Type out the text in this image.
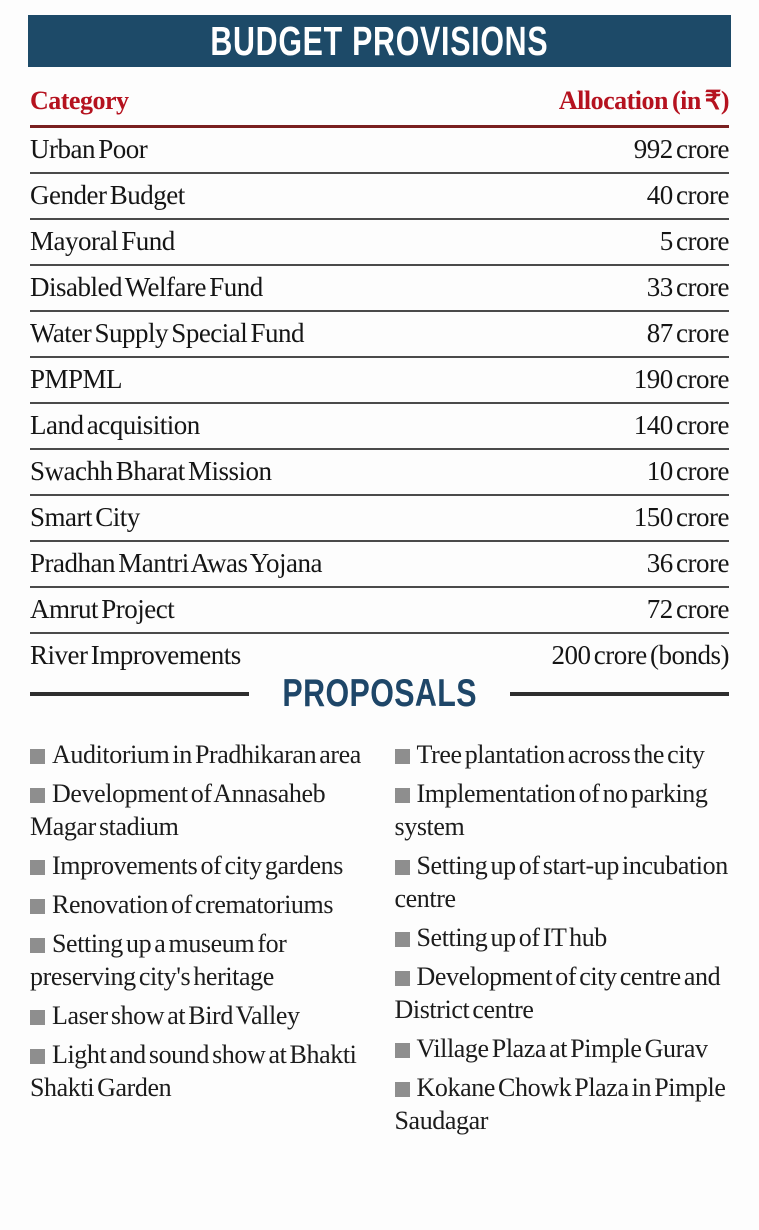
BUDGET PROVISIONS
Category	Allocation (in ₹)
Urban Poor	992 crore
Gender Budget	40 crore
Mayoral Fund	5 crore
Disabled Welfare Fund	33 crore
Water Supply Special Fund	87 crore
PMPML	190 crore
Land acquisition	140 crore
Swachh Bharat Mission	10 crore
Smart City	150 crore
Pradhan Mantri Awas Yojana	36 crore
Amrut Project	72 crore
River Improvements	200 crore (bonds)
PROPOSALS
Auditorium in Pradhikaran area
Development of Annasaheb Magar stadium
Improvements of city gardens
Renovation of crematoriums
Setting up a museum for preserving city's heritage
Laser show at Bird Valley
Light and sound show at Bhakti Shakti Garden
Tree plantation across the city
Implementation of no parking system
Setting up of start-up incubation centre
Setting up of IT hub
Development of city centre and District centre
Village Plaza at Pimple Gurav
Kokane Chowk Plaza in Pimple Saudagar
